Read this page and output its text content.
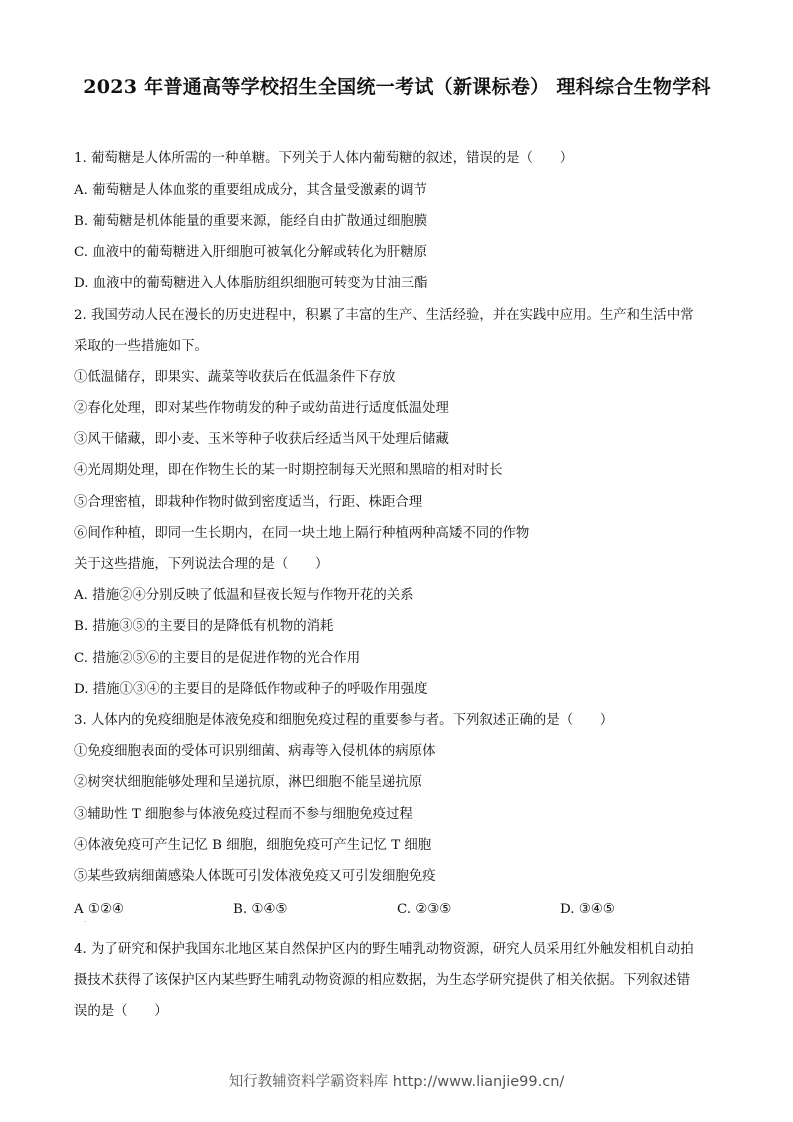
2023 年普通高等学校招生全国统一考试（新课标卷） 理科综合生物学科
1. 葡萄糖是人体所需的一种单糖。下列关于人体内葡萄糖的叙述，错误的是（　　）
A. 葡萄糖是人体血浆的重要组成成分，其含量受激素的调节
B. 葡萄糖是机体能量的重要来源，能经自由扩散通过细胞膜
C. 血液中的葡萄糖进入肝细胞可被氧化分解或转化为肝糖原
D. 血液中的葡萄糖进入人体脂肪组织细胞可转变为甘油三酯
2. 我国劳动人民在漫长的历史进程中，积累了丰富的生产、生活经验，并在实践中应用。生产和生活中常
采取的一些措施如下。
①低温储存，即果实、蔬菜等收获后在低温条件下存放
②春化处理，即对某些作物萌发的种子或幼苗进行适度低温处理
③风干储藏，即小麦、玉米等种子收获后经适当风干处理后储藏
④光周期处理，即在作物生长的某一时期控制每天光照和黑暗的相对时长
⑤合理密植，即栽种作物时做到密度适当，行距、株距合理
⑥间作种植，即同一生长期内，在同一块土地上隔行种植两种高矮不同的作物
关于这些措施，下列说法合理的是（　　）
A. 措施②④分别反映了低温和昼夜长短与作物开花的关系
B. 措施③⑤的主要目的是降低有机物的消耗
C. 措施②⑤⑥的主要目的是促进作物的光合作用
D. 措施①③④的主要目的是降低作物或种子的呼吸作用强度
3. 人体内的免疫细胞是体液免疫和细胞免疫过程的重要参与者。下列叙述正确的是（　　）
①免疫细胞表面的受体可识别细菌、病毒等入侵机体的病原体
②树突状细胞能够处理和呈递抗原，淋巴细胞不能呈递抗原
③辅助性 T 细胞参与体液免疫过程而不参与细胞免疫过程
④体液免疫可产生记忆 B 细胞，细胞免疫可产生记忆 T 细胞
⑤某些致病细菌感染人体既可引发体液免疫又可引发细胞免疫
A ①②④	B. ①④⑤	C. ②③⑤	D. ③④⑤
·
4. 为了研究和保护我国东北地区某自然保护区内的野生哺乳动物资源，研究人员采用红外触发相机自动拍
摄技术获得了该保护区内某些野生哺乳动物资源的相应数据，为生态学研究提供了相关依据。下列叙述错
误的是（　　）
知行教辅资料学霸资料库 http://www.lianjie99.cn/
